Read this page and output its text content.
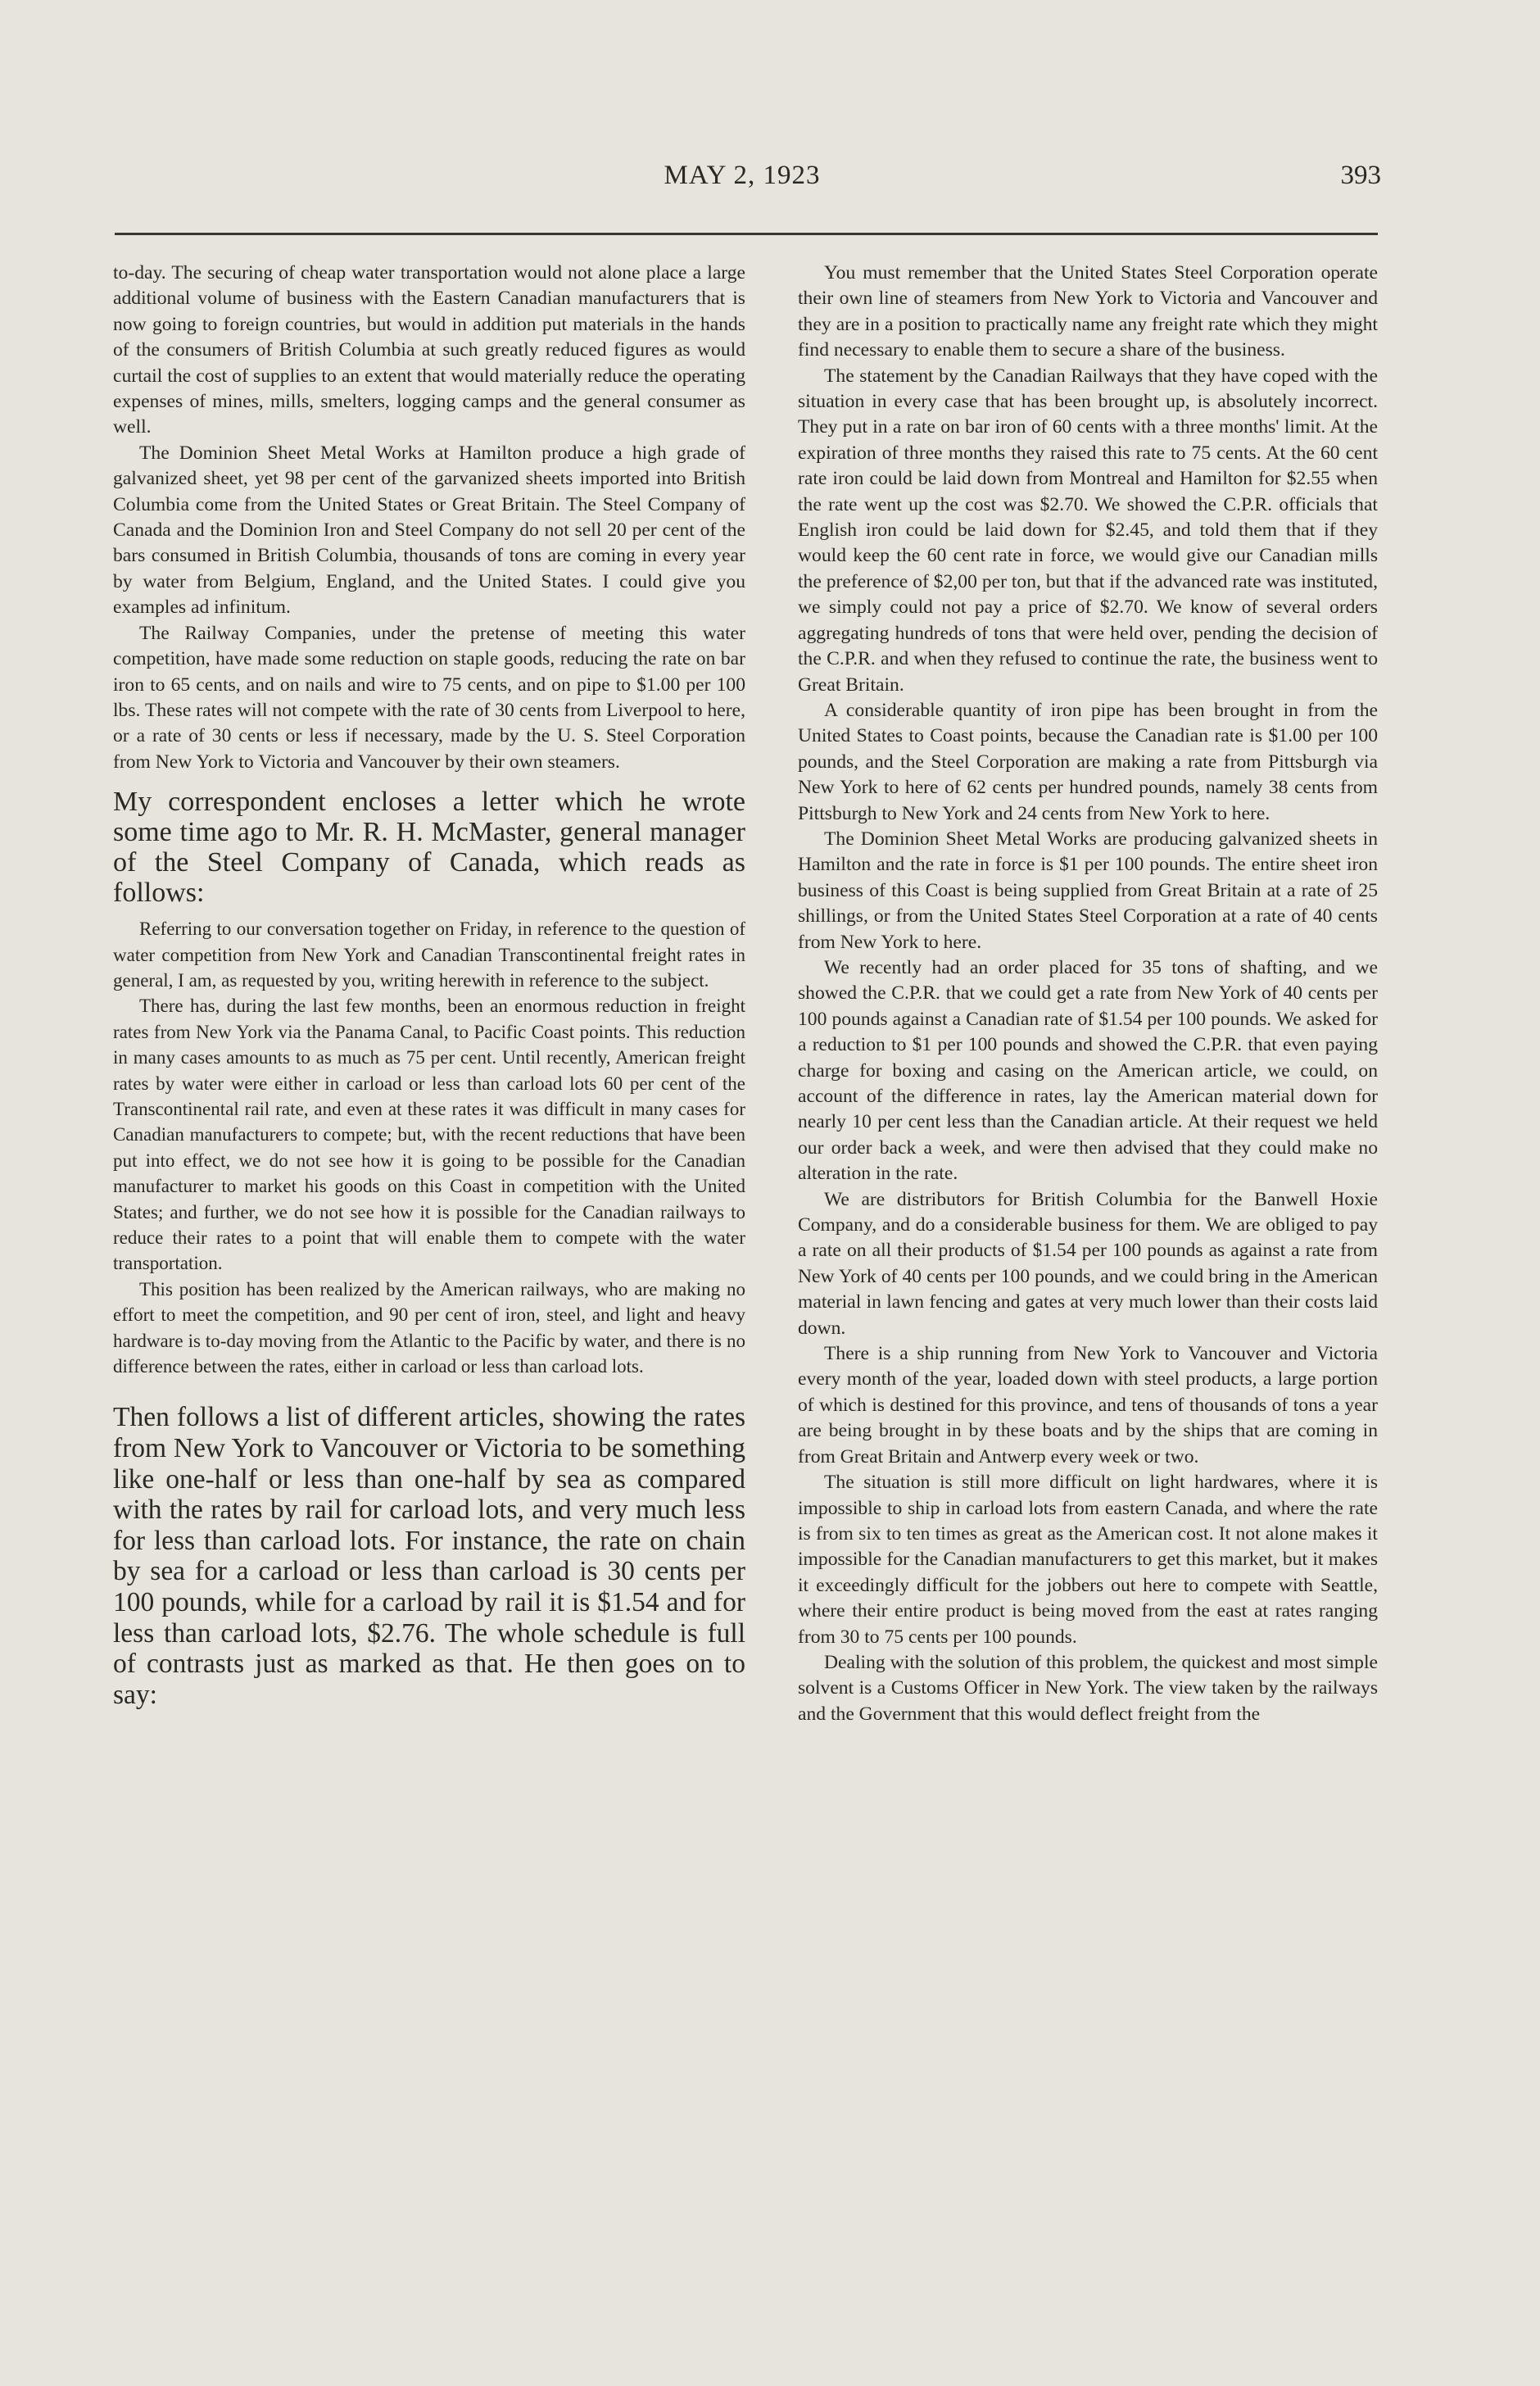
MAY 2, 1923	393

to-day. The securing of cheap water transportation would not alone place a large additional volume of business with the Eastern Canadian manufacturers that is now going to foreign countries, but would in addition put materials in the hands of the consumers of British Columbia at such greatly reduced figures as would curtail the cost of supplies to an extent that would materially reduce the operating expenses of mines, mills, smelters, logging camps and the general consumer as well.

The Dominion Sheet Metal Works at Hamilton produce a high grade of galvanized sheet, yet 98 per cent of the garvanized sheets imported into British Columbia come from the United States or Great Britain. The Steel Company of Canada and the Dominion Iron and Steel Company do not sell 20 per cent of the bars consumed in British Columbia, thousands of tons are coming in every year by water from Belgium, England, and the United States. I could give you examples ad infinitum.

The Railway Companies, under the pretense of meeting this water competition, have made some reduction on staple goods, reducing the rate on bar iron to 65 cents, and on nails and wire to 75 cents, and on pipe to $1.00 per 100 lbs. These rates will not compete with the rate of 30 cents from Liverpool to here, or a rate of 30 cents or less if necessary, made by the U. S. Steel Corporation from New York to Victoria and Vancouver by their own steamers.

My correspondent encloses a letter which he wrote some time ago to Mr. R. H. McMaster, general manager of the Steel Company of Canada, which reads as follows:

Referring to our conversation together on Friday, in reference to the question of water competition from New York and Canadian Transcontinental freight rates in general, I am, as requested by you, writing herewith in reference to the subject.

There has, during the last few months, been an enormous reduction in freight rates from New York via the Panama Canal, to Pacific Coast points. This reduction in many cases amounts to as much as 75 per cent. Until recently, American freight rates by water were either in carload or less than carload lots 60 per cent of the Transcontinental rail rate, and even at these rates it was difficult in many cases for Canadian manufacturers to compete; but, with the recent reductions that have been put into effect, we do not see how it is going to be possible for the Canadian manufacturer to market his goods on this Coast in competition with the United States; and further, we do not see how it is possible for the Canadian railways to reduce their rates to a point that will enable them to compete with the water transportation.

This position has been realized by the American railways, who are making no effort to meet the competition, and 90 per cent of iron, steel, and light and heavy hardware is to-day moving from the Atlantic to the Pacific by water, and there is no difference between the rates, either in carload or less than carload lots.

Then follows a list of different articles, showing the rates from New York to Vancouver or Victoria to be something like one-half or less than one-half by sea as compared with the rates by rail for carload lots, and very much less for less than carload lots. For instance, the rate on chain by sea for a carload or less than carload is 30 cents per 100 pounds, while for a carload by rail it is $1.54 and for less than carload lots, $2.76. The whole schedule is full of contrasts just as marked as that. He then goes on to say:

You must remember that the United States Steel Corporation operate their own line of steamers from New York to Victoria and Vancouver and they are in a position to practically name any freight rate which they might find necessary to enable them to secure a share of the business.

The statement by the Canadian Railways that they have coped with the situation in every case that has been brought up, is absolutely incorrect. They put in a rate on bar iron of 60 cents with a three months' limit. At the expiration of three months they raised this rate to 75 cents. At the 60 cent rate iron could be laid down from Montreal and Hamilton for $2.55 when the rate went up the cost was $2.70. We showed the C.P.R. officials that English iron could be laid down for $2.45, and told them that if they would keep the 60 cent rate in force, we would give our Canadian mills the preference of $2,00 per ton, but that if the advanced rate was instituted, we simply could not pay a price of $2.70. We know of several orders aggregating hundreds of tons that were held over, pending the decision of the C.P.R. and when they refused to continue the rate, the business went to Great Britain.

A considerable quantity of iron pipe has been brought in from the United States to Coast points, because the Canadian rate is $1.00 per 100 pounds, and the Steel Corporation are making a rate from Pittsburgh via New York to here of 62 cents per hundred pounds, namely 38 cents from Pittsburgh to New York and 24 cents from New York to here.

The Dominion Sheet Metal Works are producing galvanized sheets in Hamilton and the rate in force is $1 per 100 pounds. The entire sheet iron business of this Coast is being supplied from Great Britain at a rate of 25 shillings, or from the United States Steel Corporation at a rate of 40 cents from New York to here.

We recently had an order placed for 35 tons of shafting, and we showed the C.P.R. that we could get a rate from New York of 40 cents per 100 pounds against a Canadian rate of $1.54 per 100 pounds. We asked for a reduction to $1 per 100 pounds and showed the C.P.R. that even paying charge for boxing and casing on the American article, we could, on account of the difference in rates, lay the American material down for nearly 10 per cent less than the Canadian article. At their request we held our order back a week, and were then advised that they could make no alteration in the rate.

We are distributors for British Columbia for the Banwell Hoxie Company, and do a considerable business for them. We are obliged to pay a rate on all their products of $1.54 per 100 pounds as against a rate from New York of 40 cents per 100 pounds, and we could bring in the American material in lawn fencing and gates at very much lower than their costs laid down.

There is a ship running from New York to Vancouver and Victoria every month of the year, loaded down with steel products, a large portion of which is destined for this province, and tens of thousands of tons a year are being brought in by these boats and by the ships that are coming in from Great Britain and Antwerp every week or two.

The situation is still more difficult on light hardwares, where it is impossible to ship in carload lots from eastern Canada, and where the rate is from six to ten times as great as the American cost. It not alone makes it impossible for the Canadian manufacturers to get this market, but it makes it exceedingly difficult for the jobbers out here to compete with Seattle, where their entire product is being moved from the east at rates ranging from 30 to 75 cents per 100 pounds.

Dealing with the solution of this problem, the quickest and most simple solvent is a Customs Officer in New York. The view taken by the railways and the Government that this would deflect freight from the
